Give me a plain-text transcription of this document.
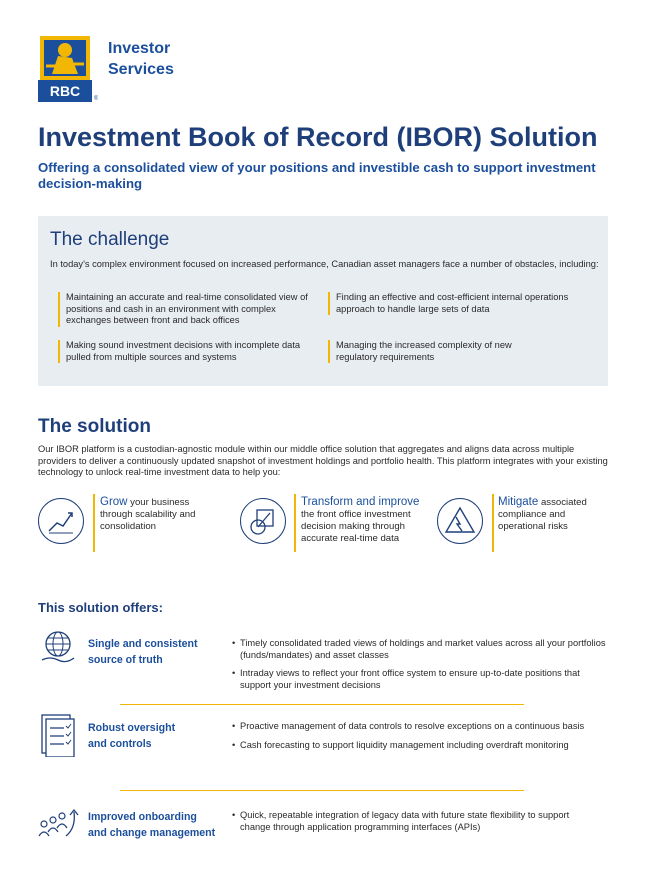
RBC ®
Investor
Services
Investment Book of Record (IBOR) Solution
Offering a consolidated view of your positions and investible cash to support investment decision-making
The challenge

In today's complex environment focused on increased performance, Canadian asset managers face a number of obstacles, including:

Maintaining an accurate and real-time consolidated view of positions and cash in an environment with complex exchanges between front and back offices
Finding an effective and cost-efficient internal operations approach to handle large sets of data
Making sound investment decisions with incomplete data pulled from multiple sources and systems
Managing the increased complexity of new regulatory requirements
The solution

Our IBOR platform is a custodian-agnostic module within our middle office solution that aggregates and aligns data across multiple providers to deliver a continuously updated snapshot of investment holdings and portfolio health. This platform integrates with your existing technology to unlock real-time investment data to help you:

Grow your business through scalability and consolidation
Transform and improve the front office investment decision making through accurate real-time data
Mitigate associated compliance and operational risks
This solution offers:
Single and consistent
source of truth
• Timely consolidated traded views of holdings and market values across all your portfolios (funds/mandates) and asset classes
• Intraday views to reflect your front office system to ensure up-to-date positions that support your investment decisions
Robust oversight
and controls
• Proactive management of data controls to resolve exceptions on a continuous basis
• Cash forecasting to support liquidity management including overdraft monitoring
Improved onboarding
and change management
• Quick, repeatable integration of legacy data with future state flexibility to support change through application programming interfaces (APIs)
